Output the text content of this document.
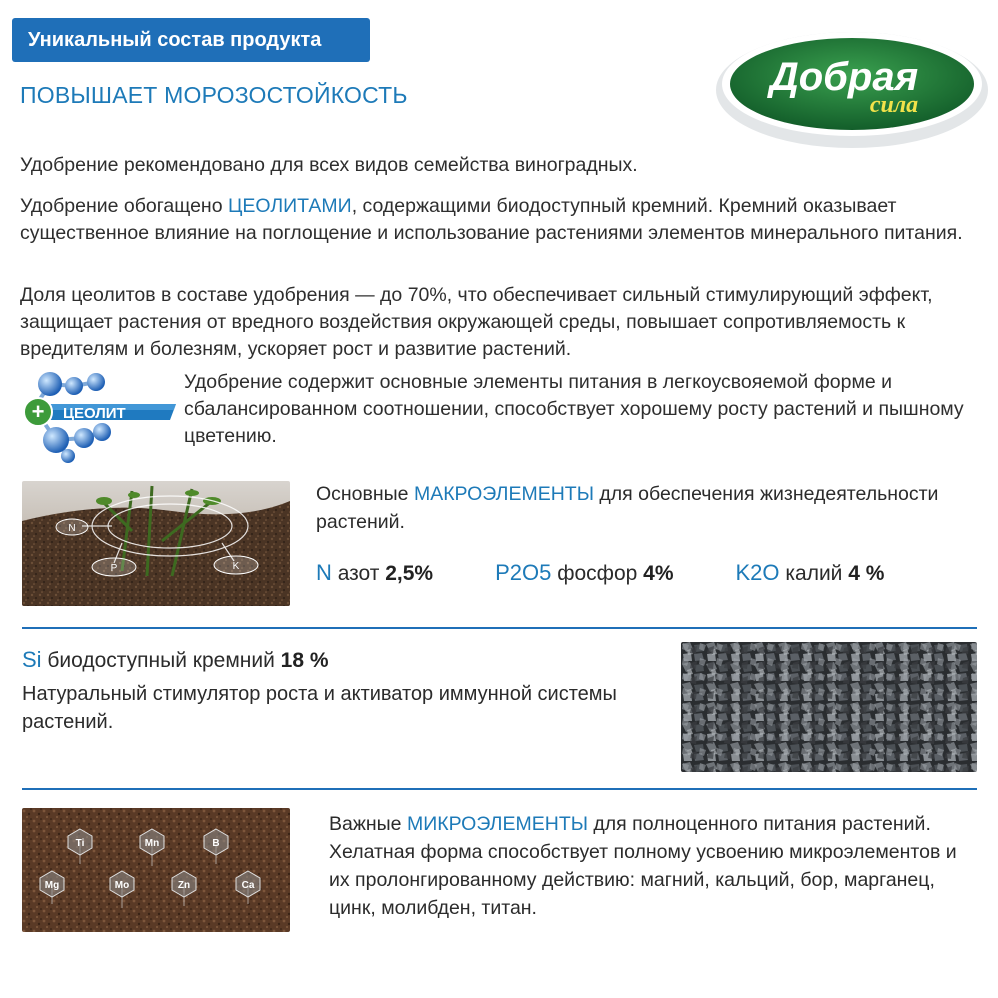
Уникальный состав продукта
ПОВЫШАЕТ МОРОЗОСТОЙКОСТЬ	Добрая
сила
Удобрение рекомендовано для всех видов семейства виноградных.
Удобрение обогащено ЦЕОЛИТАМИ, содержащими биодоступный кремний. Кремний оказывает существенное влияние на поглощение и использование растениями элементов минерального питания.
Доля цеолитов в составе удобрения — до 70%, что обеспечивает сильный стимулирующий эффект, защищает растения от вредного воздействия окружающей среды, повышает сопротивляемость к вредителям и болезням, ускоряет рост и развитие растений.
+ ЦЕОЛИТ
Удобрение содержит основные элементы питания в легкоусвояемой форме и сбалансированном соотношении, способствует хорошему росту растений и пышному цветению.
N
P	K
Основные МАКРОЭЛЕМЕНТЫ для обеспечения жизнедеятельности растений.
N азот 2,5%	P2O5 фосфор 4%	K2O калий 4 %
Si биодоступный кремний 18 %
Натуральный стимулятор роста и активатор иммунной системы растений.
Ti	Mn	B
Mg	Mo	Zn	Ca
Важные МИКРОЭЛЕМЕНТЫ для полноценного питания растений. Хелатная форма способствует полному усвоению микроэлементов и их пролонгированному действию: магний, кальций, бор, марганец, цинк, молибден, титан.
